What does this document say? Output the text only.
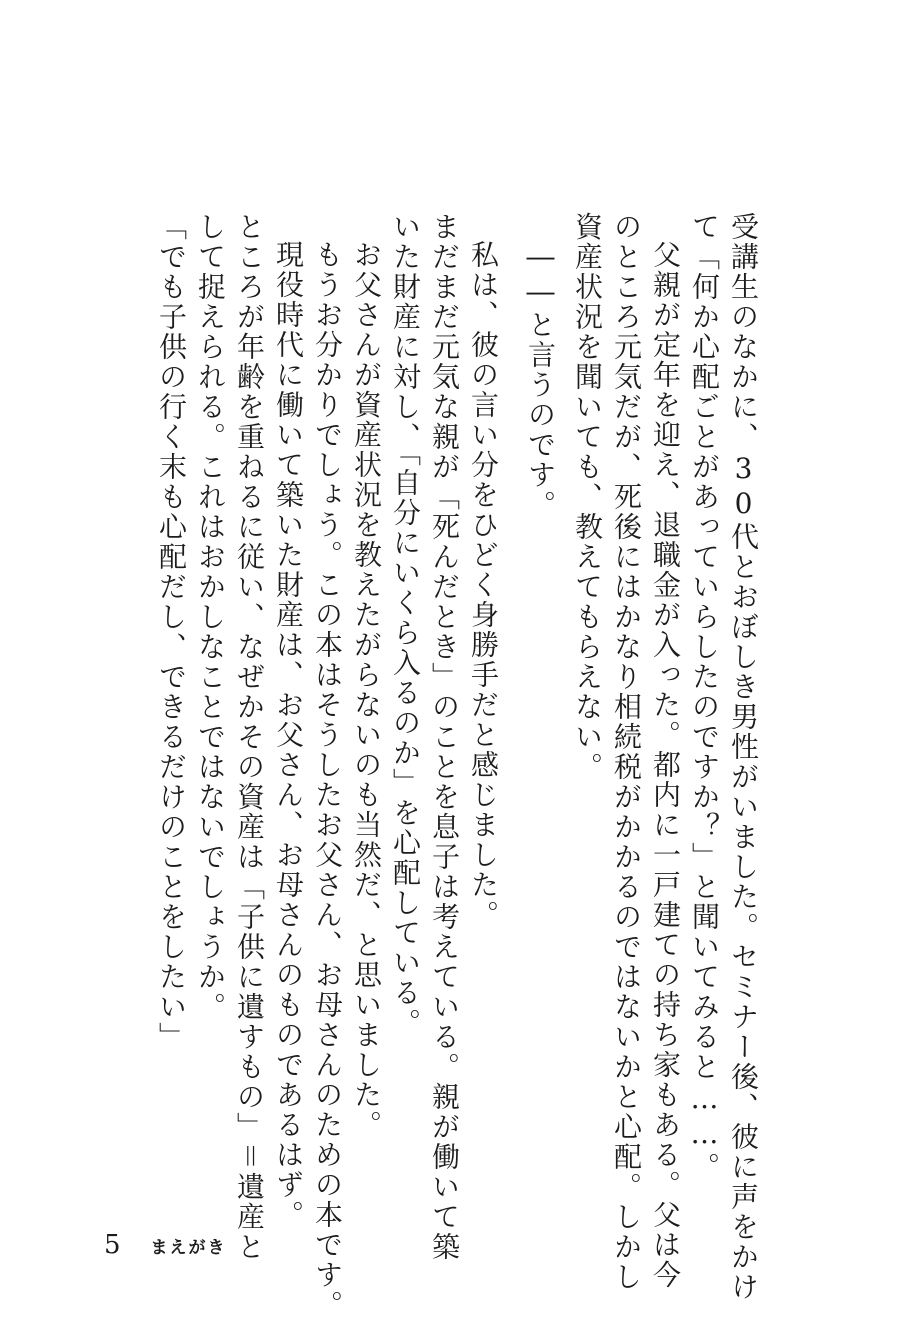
受講生のなかに、30代とおぼしき男性がいました。セミナー後、彼に声をかけ
て「何か心配ごとがあっていらしたのですか？」と聞いてみると……。
父親が定年を迎え、退職金が入った。都内に一戸建ての持ち家もある。父は今
のところ元気だが、死後にはかなり相続税がかかるのではないかと心配。しかし
資産状況を聞いても、教えてもらえない。
――と言うのです。
私は、彼の言い分をひどく身勝手だと感じました。
まだまだ元気な親が「死んだとき」のことを息子は考えている。親が働いて築
いた財産に対し、「自分にいくら入るのか」を心配している。
お父さんが資産状況を教えたがらないのも当然だ、と思いました。
もうお分かりでしょう。この本はそうしたお父さん、お母さんのための本です。
現役時代に働いて築いた財産は、お父さん、お母さんのものであるはず。
ところが年齢を重ねるに従い、なぜかその資産は「子供に遺すもの」＝遺産と
して捉えられる。これはおかしなことではないでしょうか。
「でも子供の行く末も心配だし、できるだけのことをしたい」
5 まえがき
